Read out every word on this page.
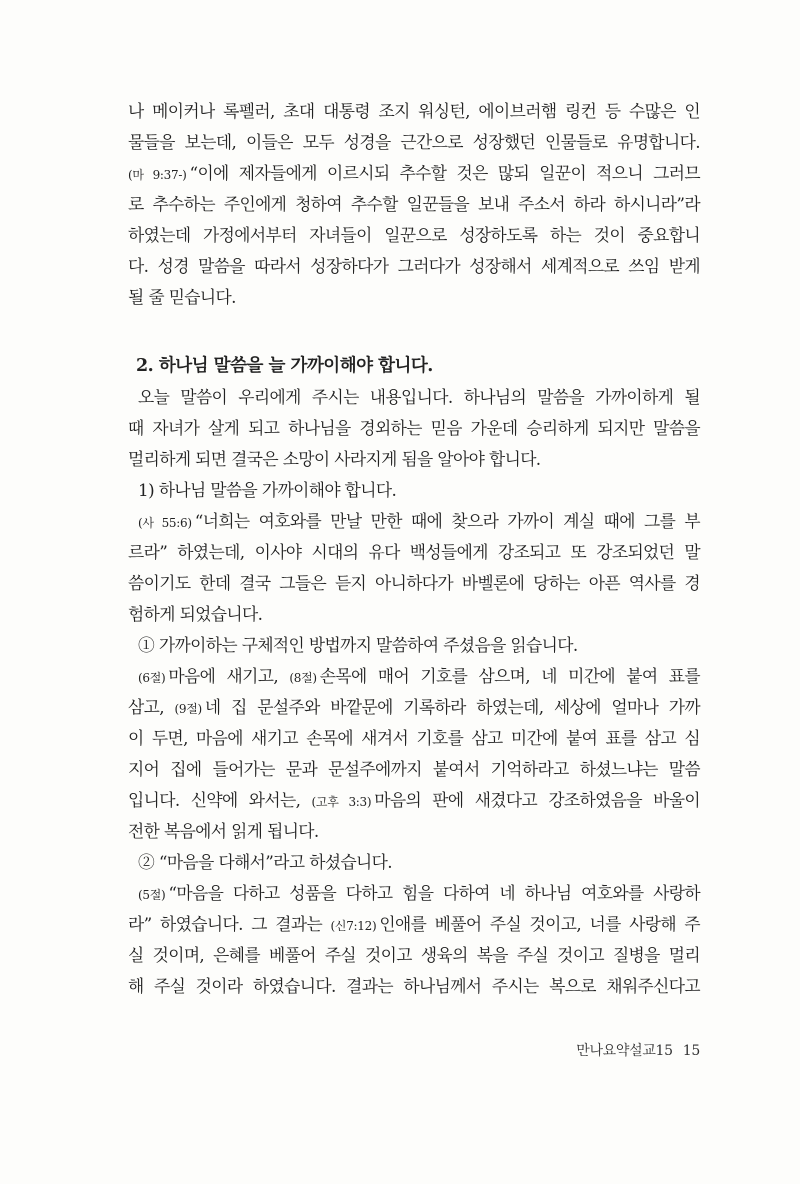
나 메이커나 록펠러, 초대 대통령 조지 워싱턴, 에이브러햄 링컨 등 수많은 인
물들을 보는데, 이들은 모두 성경을 근간으로 성장했던 인물들로 유명합니다.
(마 9:37-) “이에 제자들에게 이르시되 추수할 것은 많되 일꾼이 적으니 그러므
로 추수하는 주인에게 청하여 추수할 일꾼들을 보내 주소서 하라 하시니라”라
하였는데 가정에서부터 자녀들이 일꾼으로 성장하도록 하는 것이 중요합니
다. 성경 말씀을 따라서 성장하다가 그러다가 성장해서 세계적으로 쓰임 받게
될 줄 믿습니다.
2. 하나님 말씀을 늘 가까이해야 합니다.
오늘 말씀이 우리에게 주시는 내용입니다. 하나님의 말씀을 가까이하게 될
때 자녀가 살게 되고 하나님을 경외하는 믿음 가운데 승리하게 되지만 말씀을
멀리하게 되면 결국은 소망이 사라지게 됨을 알아야 합니다.
1) 하나님 말씀을 가까이해야 합니다.
(사 55:6) “너희는 여호와를 만날 만한 때에 찾으라 가까이 계실 때에 그를 부
르라” 하였는데, 이사야 시대의 유다 백성들에게 강조되고 또 강조되었던 말
씀이기도 한데 결국 그들은 듣지 아니하다가 바벨론에 당하는 아픈 역사를 경
험하게 되었습니다.
① 가까이하는 구체적인 방법까지 말씀하여 주셨음을 읽습니다.
(6절) 마음에 새기고, (8절) 손목에 매어 기호를 삼으며, 네 미간에 붙여 표를
삼고, (9절) 네 집 문설주와 바깥문에 기록하라 하였는데, 세상에 얼마나 가까
이 두면, 마음에 새기고 손목에 새겨서 기호를 삼고 미간에 붙여 표를 삼고 심
지어 집에 들어가는 문과 문설주에까지 붙여서 기억하라고 하셨느냐는 말씀
입니다. 신약에 와서는, (고후 3:3) 마음의 판에 새겼다고 강조하였음을 바울이
전한 복음에서 읽게 됩니다.
② “마음을 다해서”라고 하셨습니다.
(5절) “마음을 다하고 성품을 다하고 힘을 다하여 네 하나님 여호와를 사랑하
라” 하였습니다. 그 결과는 (신7:12) 인애를 베풀어 주실 것이고, 너를 사랑해 주
실 것이며, 은혜를 베풀어 주실 것이고 생육의 복을 주실 것이고 질병을 멀리
해 주실 것이라 하였습니다. 결과는 하나님께서 주시는 복으로 채워주신다고
만나요약설교15 15
